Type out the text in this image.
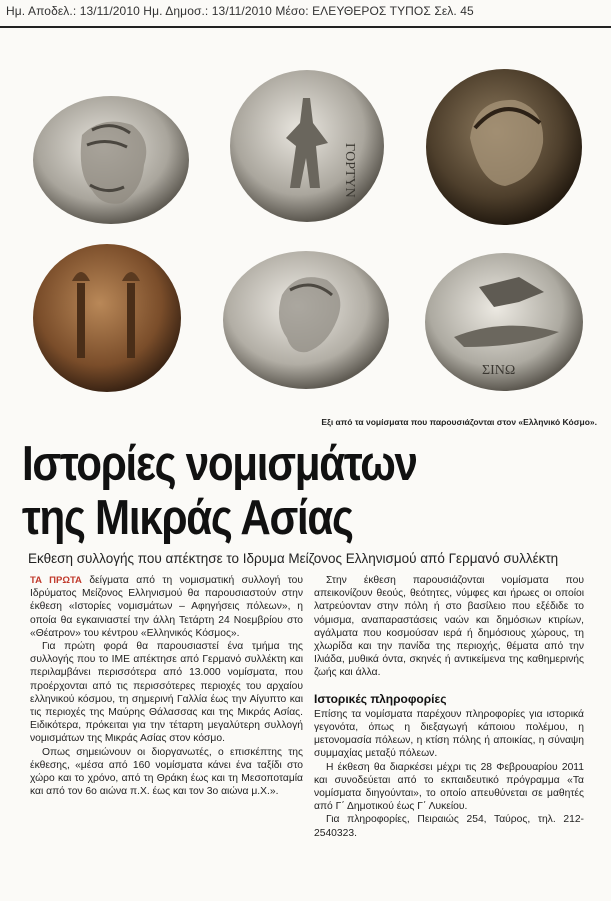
Ημ. Αποδελ.: 13/11/2010 Ημ. Δημοσ.: 13/11/2010 Μέσο: ΕΛΕΥΘΕΡΟΣ ΤΥΠΟΣ Σελ. 45
ΓΟΡΤΥΝ
ΣΙΝΩ
Εξι από τα νομίσματα που παρουσιάζονται στον «Ελληνικό Κόσμο».
Ιστορίες νομισμάτων
της Μικράς Ασίας
Εκθεση συλλογής που απέκτησε το Ιδρυμα Μείζονος Ελληνισμού από Γερμανό συλλέκτη

ΤΑ ΠΡΩΤΑ δείγματα από τη νομισματική συλλογή του Ιδρύματος Μείζονος Ελληνισμού θα παρουσιαστούν στην έκθεση «Ιστορίες νομισμάτων – Αφηγήσεις πόλεων», η οποία θα εγκαινιαστεί την άλλη Τετάρτη 24 Νοεμβρίου στο «Θέατρον» του κέντρου «Ελληνικός Κόσμος».

Για πρώτη φορά θα παρουσιαστεί ένα τμήμα της συλλογής που το ΙΜΕ απέκτησε από Γερμανό συλλέκτη και περιλαμβάνει περισσότερα από 13.000 νομίσματα, που προέρχονται από τις περισσότερες περιοχές του αρχαίου ελληνικού κόσμου, τη σημερινή Γαλλία έως την Αίγυπτο και τις περιοχές της Μαύρης Θάλασσας και της Μικράς Ασίας. Ειδικότερα, πρόκειται για την τέταρτη μεγαλύτερη συλλογή νομισμάτων της Μικράς Ασίας στον κόσμο.

Οπως σημειώνουν οι διοργανωτές, ο επισκέπτης της έκθεσης, «μέσα από 160 νομίσματα κάνει ένα ταξίδι στο χώρο και το χρόνο, από τη Θράκη έως και τη Μεσοποταμία και από τον 6ο αιώνα π.Χ. έως και τον 3ο αιώνα μ.Χ.».

Στην έκθεση παρουσιάζονται νομίσματα που απεικονίζουν θεούς, θεότητες, νύμφες και ήρωες οι οποίοι λατρεύονταν στην πόλη ή στο βασίλειο που εξέδιδε το νόμισμα, αναπαραστάσεις ναών και δημόσιων κτιρίων, αγάλματα που κοσμούσαν ιερά ή δημόσιους χώρους, τη χλωρίδα και την πανίδα της περιοχής, θέματα από την Ιλιάδα, μυθικά όντα, σκηνές ή αντικείμενα της καθημερινής ζωής και άλλα.

Ιστορικές πληροφορίες

Επίσης τα νομίσματα παρέχουν πληροφορίες για ιστορικά γεγονότα, όπως η διεξαγωγή κάποιου πολέμου, η μετονομασία πόλεων, η κτίση πόλης ή αποικίας, η σύναψη συμμαχίας μεταξύ πόλεων.

Η έκθεση θα διαρκέσει μέχρι τις 28 Φεβρουαρίου 2011 και συνοδεύεται από το εκπαιδευτικό πρόγραμμα «Τα νομίσματα διηγούνται», το οποίο απευθύνεται σε μαθητές από Γ΄ Δημοτικού έως Γ΄ Λυκείου.

Για πληροφορίες, Πειραιώς 254, Ταύρος, τηλ. 212-2540323.
